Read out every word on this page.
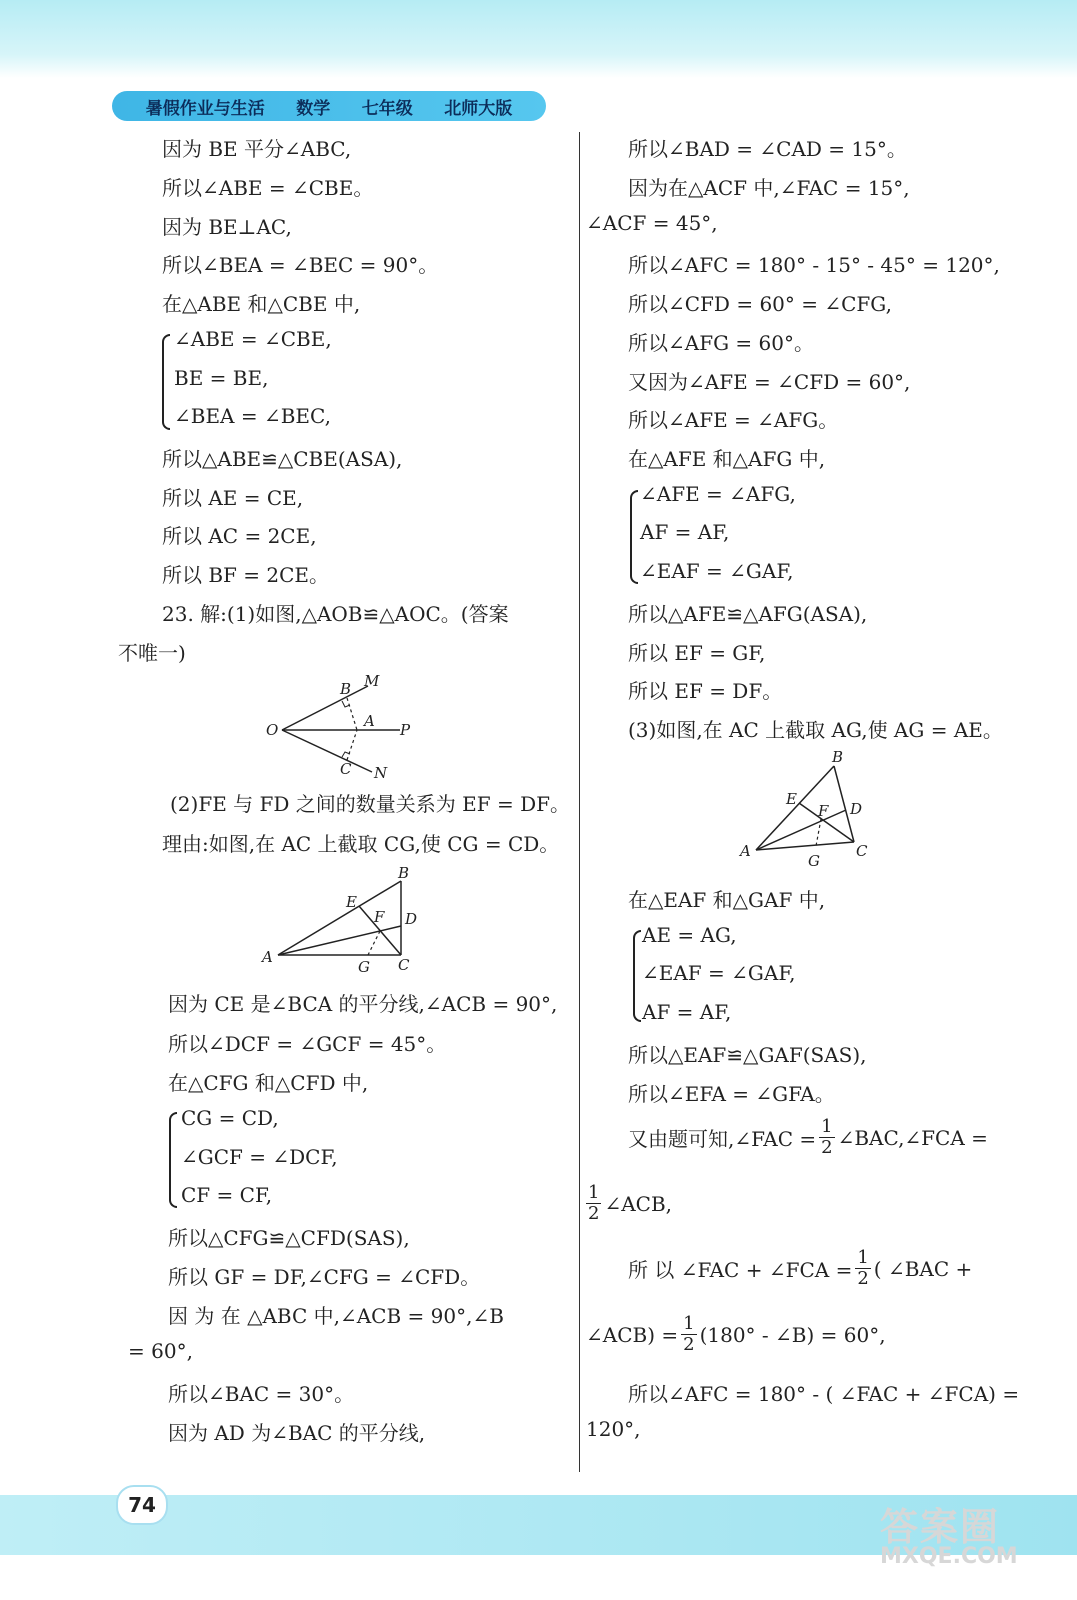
暑假作业与生活 数学 七年级 北师大版
因为 BE 平分∠ABC,
所以∠ABE = ∠CBE。
因为 BE⊥AC,
所以∠BEA = ∠BEC = 90°。
在△ABE 和△CBE 中,
∠ABE = ∠CBE,
BE = BE,
∠BEA = ∠BEC,
所以△ABE≌△CBE(ASA),
所以 AE = CE,
所以 AC = 2CE,
所以 BF = 2CE。
23. 解:(1)如图,△AOB≌△AOC。(答案
不唯一)
O
B M
A P
C N
(2)FE 与 FD 之间的数量关系为 EF = DF。
理由:如图,在 AC 上截取 CG,使 CG = CD。
A
B
C
D
E
F
G
因为 CE 是∠BCA 的平分线,∠ACB = 90°,
所以∠DCF = ∠GCF = 45°。
在△CFG 和△CFD 中,
CG = CD,
∠GCF = ∠DCF,
CF = CF,
所以△CFG≌△CFD(SAS),
所以 GF = DF,∠CFG = ∠CFD。
因 为 在 △ABC 中,∠ACB = 90°,∠B
= 60°,
所以∠BAC = 30°。
因为 AD 为∠BAC 的平分线,
所以∠BAD = ∠CAD = 15°。
因为在△ACF 中,∠FAC = 15°,
∠ACF = 45°,
所以∠AFC = 180° - 15° - 45° = 120°,
所以∠CFD = 60° = ∠CFG,
所以∠AFG = 60°。
又因为∠AFE = ∠CFD = 60°,
所以∠AFE = ∠AFG。
在△AFE 和△AFG 中,
∠AFE = ∠AFG,
AF = AF,
∠EAF = ∠GAF,
所以△AFE≌△AFG(ASA),
所以 EF = GF,
所以 EF = DF。
(3)如图,在 AC 上截取 AG,使 AG = AE。
A
B
C
D
E
F
G
在△EAF 和△GAF 中,
AE = AG,
∠EAF = ∠GAF,
AF = AF,
所以△EAF≌△GAF(SAS),
所以∠EFA = ∠GFA。
又由题可知,∠FAC = $\frac{1}{2}$ ∠BAC,∠FCA =
$\frac{1}{2}$ ∠ACB,
所 以 ∠FAC + ∠FCA = $\frac{1}{2}$ ( ∠BAC +
∠ACB) = $\frac{1}{2} (180^\circ$ - ∠B) = 60°,
所以∠AFC = 180° - ( ∠FAC + ∠FCA) =
120°,
74	答案圈
MXQE.COM
